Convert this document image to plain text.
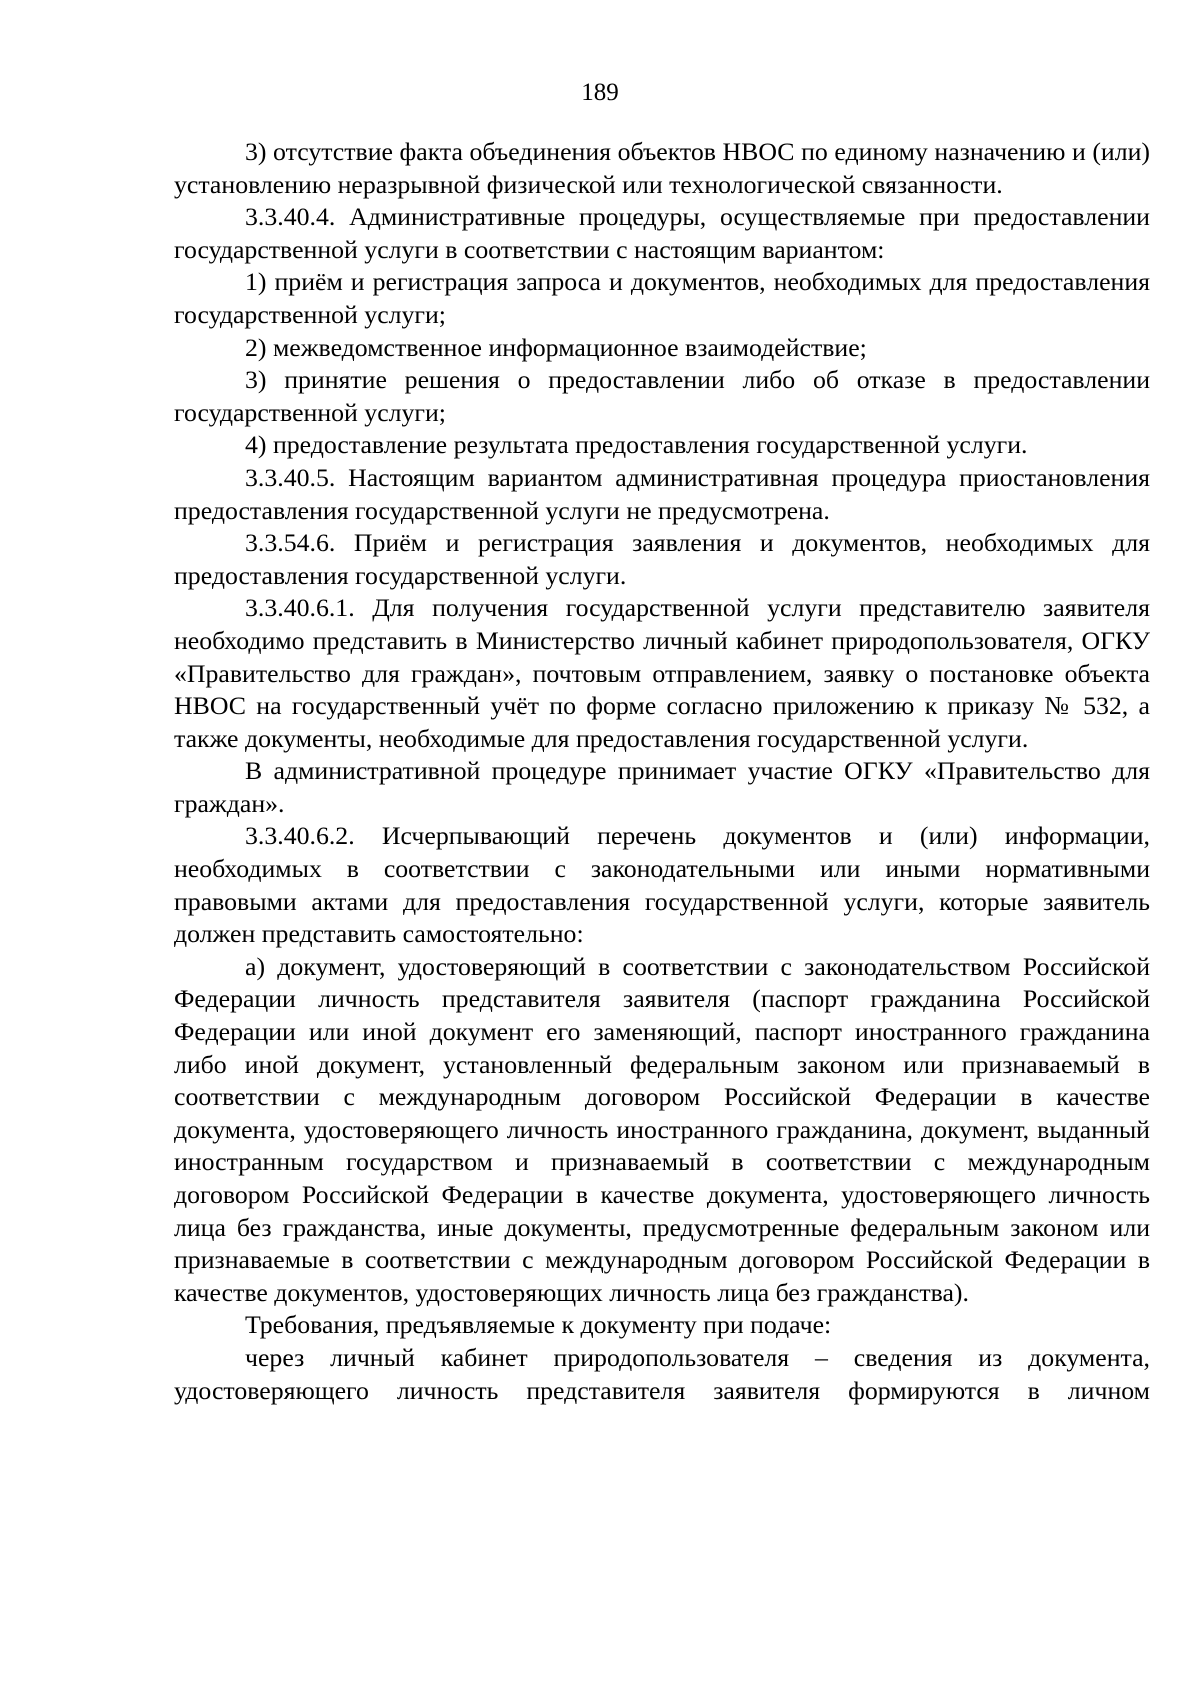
189

3) отсутствие факта объединения объектов НВОС по единому назначению и (или) установлению неразрывной физической или технологической связанности.

3.3.40.4. Административные процедуры, осуществляемые при предоставлении государственной услуги в соответствии с настоящим вариантом:

1) приём и регистрация запроса и документов, необходимых для предоставления государственной услуги;

2) межведомственное информационное взаимодействие;

3) принятие решения о предоставлении либо об отказе в предоставлении государственной услуги;

4) предоставление результата предоставления государственной услуги.

3.3.40.5. Настоящим вариантом административная процедура приостановления предоставления государственной услуги не предусмотрена.

3.3.54.6. Приём и регистрация заявления и документов, необходимых для предоставления государственной услуги.

3.3.40.6.1. Для получения государственной услуги представителю заявителя необходимо представить в Министерство личный кабинет природопользователя, ОГКУ «Правительство для граждан», почтовым отправлением, заявку о постановке объекта НВОС на государственный учёт по форме согласно приложению к приказу № 532, а также документы, необходимые для предоставления государственной услуги.

В административной процедуре принимает участие ОГКУ «Правительство для граждан».

3.3.40.6.2. Исчерпывающий перечень документов и (или) информации, необходимых в соответствии с законодательными или иными нормативными правовыми актами для предоставления государственной услуги, которые заявитель должен представить самостоятельно:

а) документ, удостоверяющий в соответствии с законодательством Российской Федерации личность представителя заявителя (паспорт гражданина Российской Федерации или иной документ его заменяющий, паспорт иностранного гражданина либо иной документ, установленный федеральным законом или признаваемый в соответствии с международным договором Российской Федерации в качестве документа, удостоверяющего личность иностранного гражданина, документ, выданный иностранным государством и признаваемый в соответствии с международным договором Российской Федерации в качестве документа, удостоверяющего личность лица без гражданства, иные документы, предусмотренные федеральным законом или признаваемые в соответствии с международным договором Российской Федерации в качестве документов, удостоверяющих личность лица без гражданства).

Требования, предъявляемые к документу при подаче:

через личный кабинет природопользователя – сведения из документа, удостоверяющего личность представителя заявителя формируются в личном
